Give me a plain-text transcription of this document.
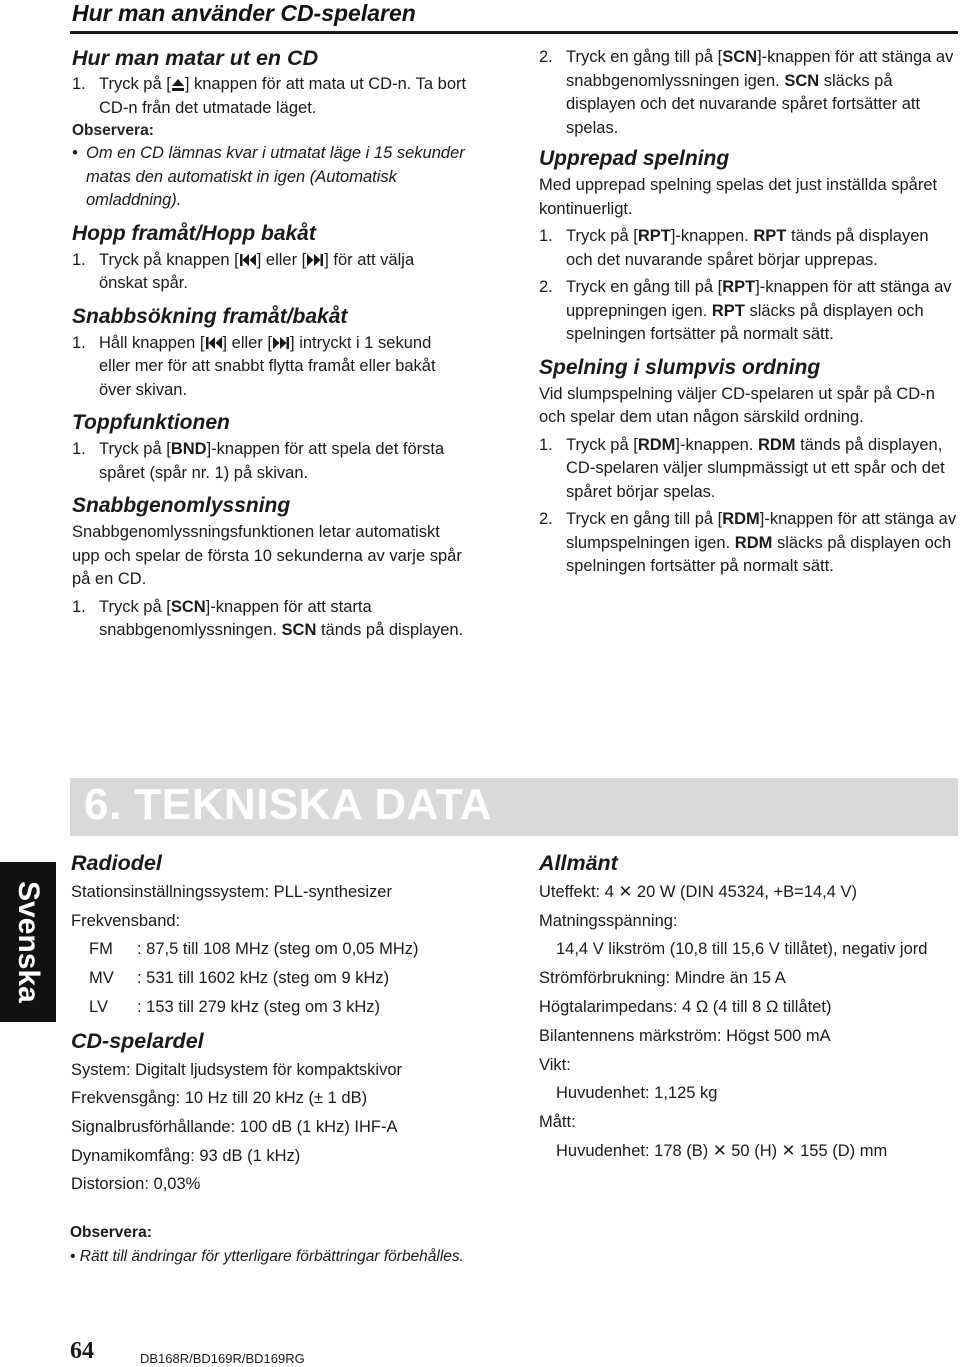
Hur man använder CD-spelaren
Hur man matar ut en CD
1. Tryck på [ ] knappen för att mata ut CD-n. Ta bort CD-n från det utmatade läget.
Observera:
• Om en CD lämnas kvar i utmatat läge i 15 sekunder matas den automatiskt in igen (Automatisk omladdning).
Hopp framåt/Hopp bakåt
1. Tryck på knappen [ ] eller [ ] för att välja önskat spår.
Snabbsökning framåt/bakåt
1. Håll knappen [ ] eller [ ] intryckt i 1 sekund eller mer för att snabbt flytta framåt eller bakåt över skivan.
Toppfunktionen
1. Tryck på [BND]-knappen för att spela det första spåret (spår nr. 1) på skivan.
Snabbgenomlyssning

Snabbgenomlyssningsfunktionen letar automatiskt upp och spelar de första 10 sekunderna av varje spår på en CD.

1. Tryck på [SCN]-knappen för att starta snabbgenomlyssningen. SCN tänds på displayen.
2. Tryck en gång till på [SCN]-knappen för att stänga av snabbgenomlyssningen igen. SCN släcks på displayen och det nuvarande spåret fortsätter att spelas.
Upprepad spelning

Med upprepad spelning spelas det just inställda spåret kontinuerligt.

1. Tryck på [RPT]-knappen. RPT tänds på displayen och det nuvarande spåret börjar upprepas.
2. Tryck en gång till på [RPT]-knappen för att stänga av upprepningen igen. RPT släcks på displayen och spelningen fortsätter på normalt sätt.
Spelning i slumpvis ordning

Vid slumpspelning väljer CD-spelaren ut spår på CD-n och spelar dem utan någon särskild ordning.

1. Tryck på [RDM]-knappen. RDM tänds på displayen, CD-spelaren väljer slumpmässigt ut ett spår och det spåret börjar spelas.
2. Tryck en gång till på [RDM]-knappen för att stänga av slumpspelningen igen. RDM släcks på displayen och spelningen fortsätter på normalt sätt.
6. TEKNISKA DATA
Svenska
Radiodel
Stationsinställningssystem: PLL-synthesizer
Frekvensband:
FM	: 87,5 till 108 MHz (steg om 0,05 MHz)
MV	: 531 till 1602 kHz (steg om 9 kHz)
LV	: 153 till 279 kHz (steg om 3 kHz)
CD-spelardel
System: Digitalt ljudsystem för kompaktskivor
Frekvensgång: 10 Hz till 20 kHz (± 1 dB)
Signalbrusförhållande: 100 dB (1 kHz) IHF-A
Dynamikomfång: 93 dB (1 kHz)
Distorsion: 0,03%
Allmänt
Uteffekt: 4 ✕ 20 W (DIN 45324, +B=14,4 V)
Matningsspänning:
14,4 V likström (10,8 till 15,6 V tillåtet), negativ jord
Strömförbrukning: Mindre än 15 A
Högtalarimpedans: 4 Ω (4 till 8 Ω tillåtet)
Bilantennens märkström: Högst 500 mA
Vikt:
Huvudenhet: 1,125 kg
Mått:
Huvudenhet: 178 (B) ✕ 50 (H) ✕ 155 (D) mm
Observera:
• Rätt till ändringar för ytterligare förbättringar förbehålles.
64	DB168R/BD169R/BD169RG
